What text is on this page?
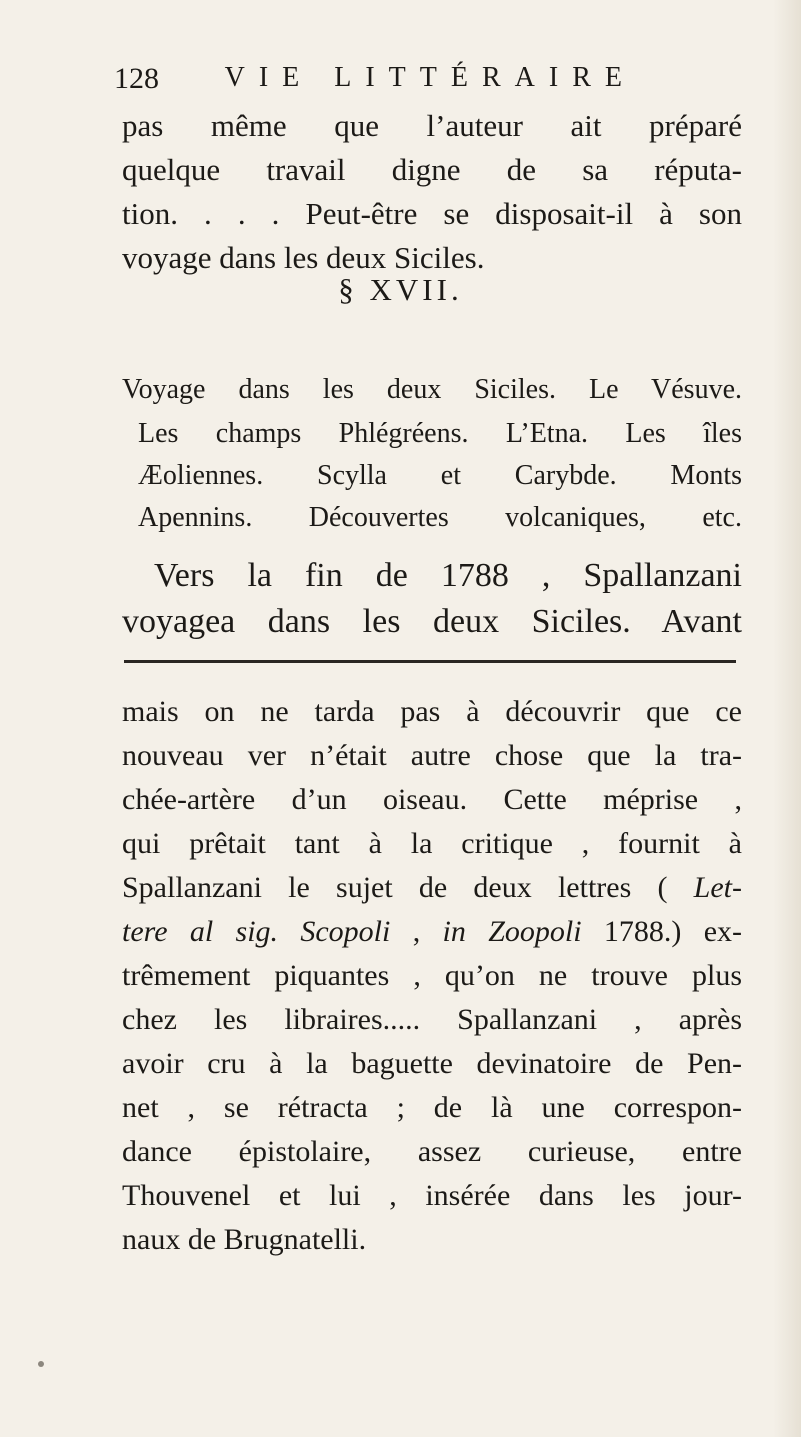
128 VIE LITTÉRAIRE
pas même que l’auteur ait préparé
quelque travail digne de sa réputa-
tion. . . . Peut-être se disposait-il à son
voyage dans les deux Siciles.
§ XVII.
Voyage dans les deux Siciles. Le Vésuve.
Les champs Phlégréens. L’Etna. Les îles
Æoliennes. Scylla et Carybde. Monts
Apennins. Découvertes volcaniques, etc.
Vers la fin de 1788 , Spallanzani
voyagea dans les deux Siciles. Avant
mais on ne tarda pas à découvrir que ce
nouveau ver n’était autre chose que la tra-
chée-artère d’un oiseau. Cette méprise ,
qui prêtait tant à la critique , fournit à
Spallanzani le sujet de deux lettres ( Let-
tere al sig. Scopoli , in Zoopoli 1788.) ex-
trêmement piquantes , qu’on ne trouve plus
chez les libraires..... Spallanzani , après
avoir cru à la baguette devinatoire de Pen-
net , se rétracta ; de là une correspon-
dance épistolaire, assez curieuse, entre
Thouvenel et lui , insérée dans les jour-
naux de Brugnatelli.
